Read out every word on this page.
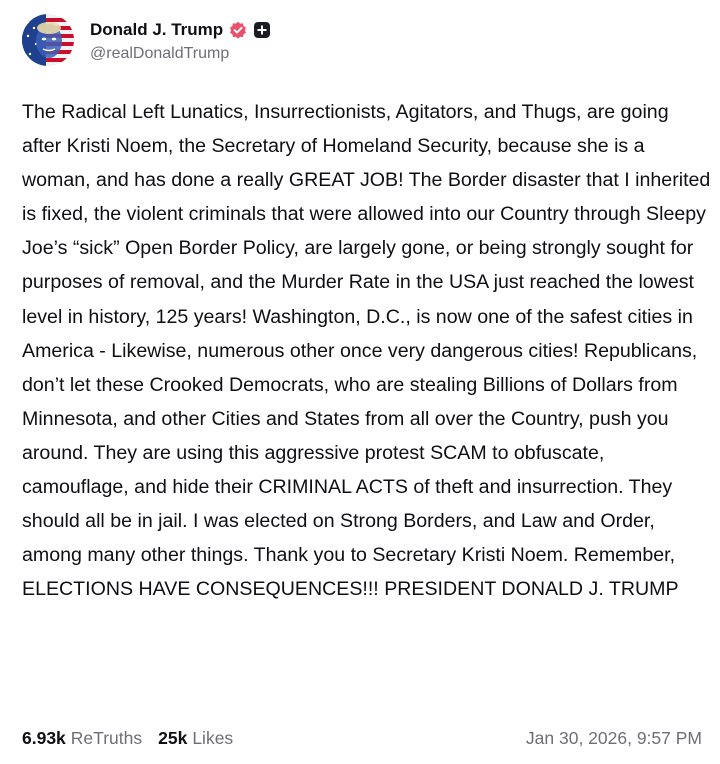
Donald J. Trump
@realDonaldTrump

The Radical Left Lunatics, Insurrectionists, Agitators, and Thugs, are going after Kristi Noem, the Secretary of Homeland Security, because she is a woman, and has done a really GREAT JOB! The Border disaster that I inherited is fixed, the violent criminals that were allowed into our Country through Sleepy Joe’s “sick” Open Border Policy, are largely gone, or being strongly sought for purposes of removal, and the Murder Rate in the USA just reached the lowest level in history, 125 years! Washington, D.C., is now one of the safest cities in America - Likewise, numerous other once very dangerous cities! Republicans, don’t let these Crooked Democrats, who are stealing Billions of Dollars from Minnesota, and other Cities and States from all over the Country, push you around. They are using this aggressive protest SCAM to obfuscate, camouflage, and hide their CRIMINAL ACTS of theft and insurrection. They should all be in jail. I was elected on Strong Borders, and Law and Order, among many other things. Thank you to Secretary Kristi Noem. Remember, ELECTIONS HAVE CONSEQUENCES!!! PRESIDENT DONALD J. TRUMP

6.93k ReTruths 25k Likes	Jan 30, 2026, 9:57 PM
